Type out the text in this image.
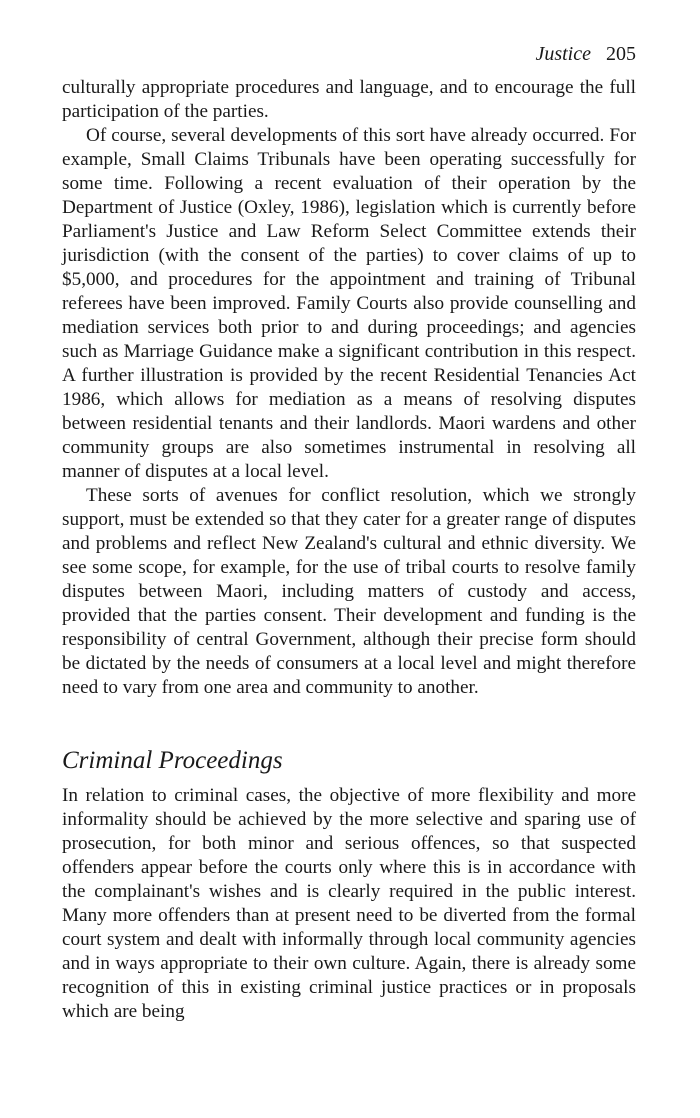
Justice 205

culturally appropriate procedures and language, and to encourage the full participation of the parties.

Of course, several developments of this sort have already occurred. For example, Small Claims Tribunals have been operating successfully for some time. Following a recent evaluation of their operation by the Department of Justice (Oxley, 1986), legislation which is currently before Parliament's Justice and Law Reform Select Committee extends their jurisdiction (with the consent of the parties) to cover claims of up to $5,000, and procedures for the appointment and training of Tribunal referees have been improved. Family Courts also provide counselling and mediation services both prior to and during proceedings; and agencies such as Marriage Guidance make a significant contribution in this respect. A further illustration is provided by the recent Residential Tenancies Act 1986, which allows for mediation as a means of resolving disputes between residential tenants and their landlords. Maori wardens and other community groups are also sometimes instrumental in resolving all manner of disputes at a local level.

These sorts of avenues for conflict resolution, which we strongly support, must be extended so that they cater for a greater range of disputes and problems and reflect New Zealand's cultural and ethnic diversity. We see some scope, for example, for the use of tribal courts to resolve family disputes between Maori, including matters of custody and access, provided that the parties consent. Their development and funding is the responsibility of central Government, although their precise form should be dictated by the needs of consumers at a local level and might therefore need to vary from one area and community to another.

Criminal Proceedings

In relation to criminal cases, the objective of more flexibility and more informality should be achieved by the more selective and sparing use of prosecution, for both minor and serious offences, so that suspected offenders appear before the courts only where this is in accordance with the complainant's wishes and is clearly required in the public interest. Many more offenders than at present need to be diverted from the formal court system and dealt with informally through local community agencies and in ways appropriate to their own culture. Again, there is already some recognition of this in existing criminal justice practices or in proposals which are being
